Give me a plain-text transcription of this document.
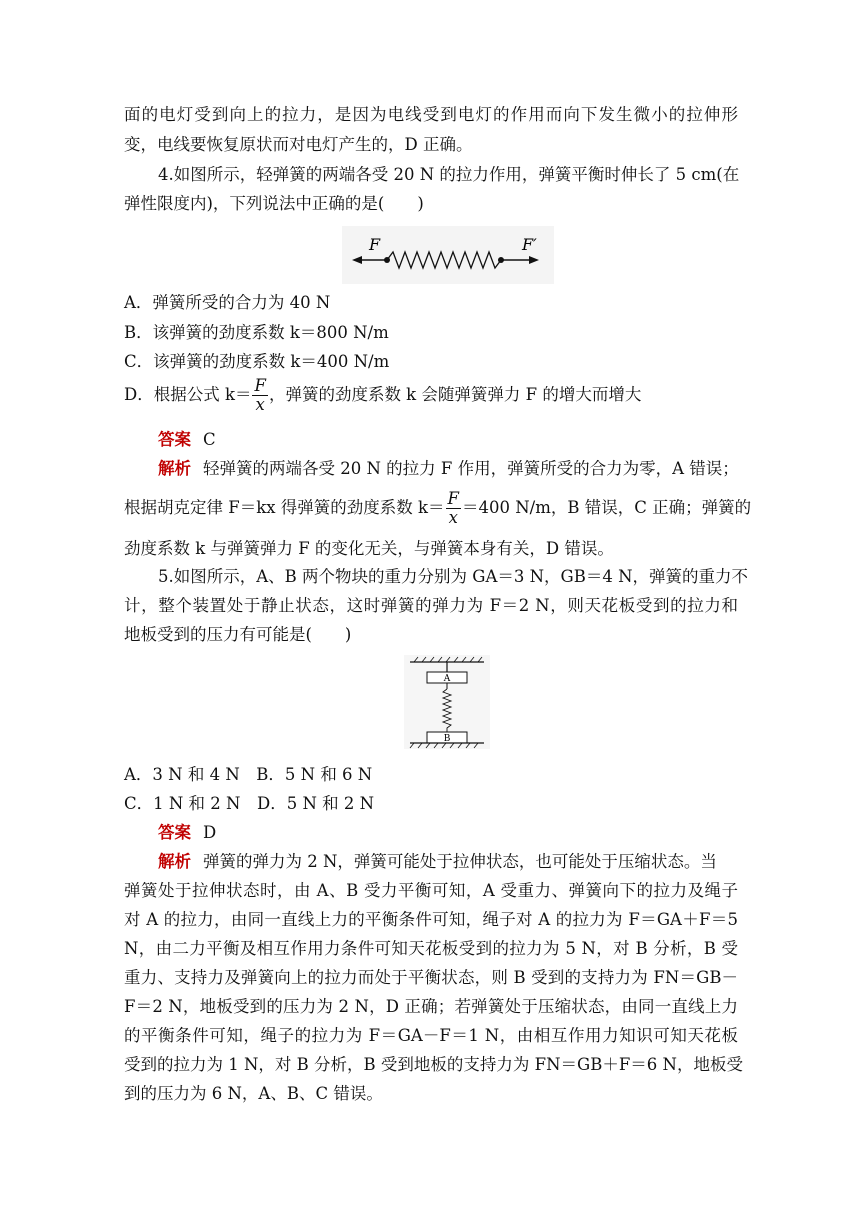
面的电灯受到向上的拉力，是因为电线受到电灯的作用而向下发生微小的拉伸形
变，电线要恢复原状而对电灯产生的，D 正确。
4.如图所示，轻弹簧的两端各受 20 N 的拉力作用，弹簧平衡时伸长了 5 cm(在
弹性限度内)，下列说法中正确的是(　　)
F	F′
A．弹簧所受的合力为 40 N
B．该弹簧的劲度系数 k＝800 N/m
C．该弹簧的劲度系数 k＝400 N/m
D．根据公式 $k= \frac{F}{x}$ ，弹簧的劲度系数 k 会随弹簧弹力 F 的增大而增大
答案 C
解析 轻弹簧的两端各受 20 N 的拉力 F 作用，弹簧所受的合力为零，A 错误；
根据胡克定律 F＝kx 得弹簧的劲度系数 $k= \frac{F}{x} =400$ N/m，B 错误，C 正确；弹簧的
劲度系数 k 与弹簧弹力 F 的变化无关，与弹簧本身有关，D 错误。
5.如图所示，A、B 两个物块的重力分别为 GA＝3 N，GB＝4 N，弹簧的重力不
计，整个装置处于静止状态，这时弹簧的弹力为 F＝2 N，则天花板受到的拉力和
地板受到的压力有可能是(　　)
A
B
A．3 N 和 4 N　B．5 N 和 6 N
C．1 N 和 2 N　D．5 N 和 2 N
答案 D
解析 弹簧的弹力为 2 N，弹簧可能处于拉伸状态，也可能处于压缩状态。当
弹簧处于拉伸状态时，由 A、B 受力平衡可知，A 受重力、弹簧向下的拉力及绳子
对 A 的拉力，由同一直线上力的平衡条件可知，绳子对 A 的拉力为 F＝GA＋F＝5
N，由二力平衡及相互作用力条件可知天花板受到的拉力为 5 N，对 B 分析，B 受
重力、支持力及弹簧向上的拉力而处于平衡状态，则 B 受到的支持力为 FN＝GB－
F＝2 N，地板受到的压力为 2 N，D 正确；若弹簧处于压缩状态，由同一直线上力
的平衡条件可知，绳子的拉力为 F＝GA－F＝1 N，由相互作用力知识可知天花板
受到的拉力为 1 N，对 B 分析，B 受到地板的支持力为 FN＝GB＋F＝6 N，地板受
到的压力为 6 N，A、B、C 错误。
